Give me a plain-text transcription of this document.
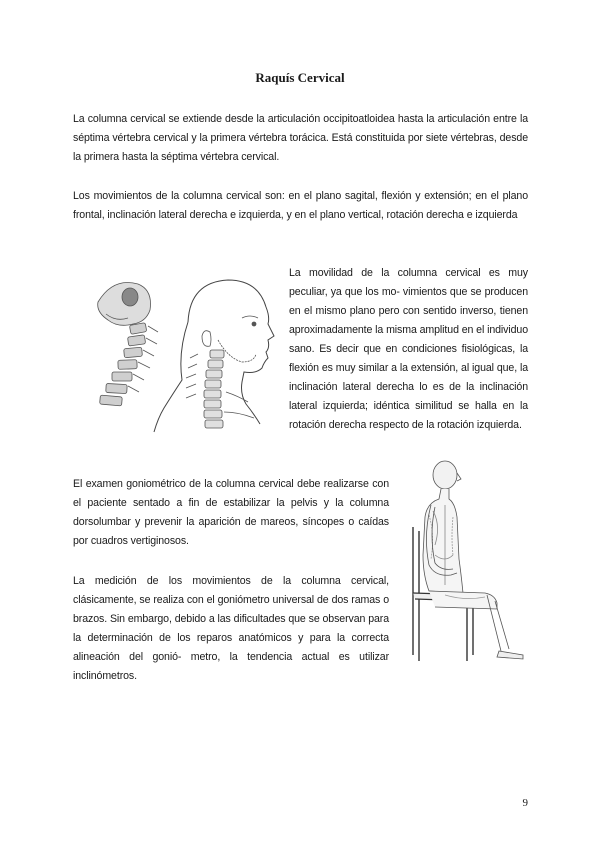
Raquís Cervical

La columna cervical se extiende desde la articulación occipitoatloidea hasta la articulación entre la séptima vértebra cervical y la primera vértebra torácica. Está constituida por siete vértebras, desde la primera hasta la séptima vértebra cervical.

Los movimientos de la columna cervical son: en el plano sagital, flexión y extensión; en el plano frontal, inclinación lateral derecha e izquierda, y en el plano vertical, rotación derecha e izquierda

La movilidad de la columna cervical es muy peculiar, ya que los mo- vimientos que se producen en el mismo plano pero con sentido inverso, tienen aproximadamente la misma amplitud en el individuo sano. Es decir que en condiciones fisiológicas, la flexión es muy similar a la extensión, al igual que, la inclinación lateral derecha lo es de la inclinación lateral izquierda; idéntica similitud se halla en la rotación derecha respecto de la rotación izquierda.

El examen goniométrico de la columna cervical debe realizarse con el paciente sentado a fin de estabilizar la pelvis y la columna dorsolumbar y prevenir la aparición de mareos, síncopes o caídas por cuadros vertiginosos.

La medición de los movimientos de la columna cervical, clásicamente, se realiza con el goniómetro universal de dos ramas o brazos. Sin embargo, debido a las dificultades que se observan para la determinación de los reparos anatómicos y para la correcta alineación del gonió- metro, la tendencia actual es utilizar inclinómetros.

9
